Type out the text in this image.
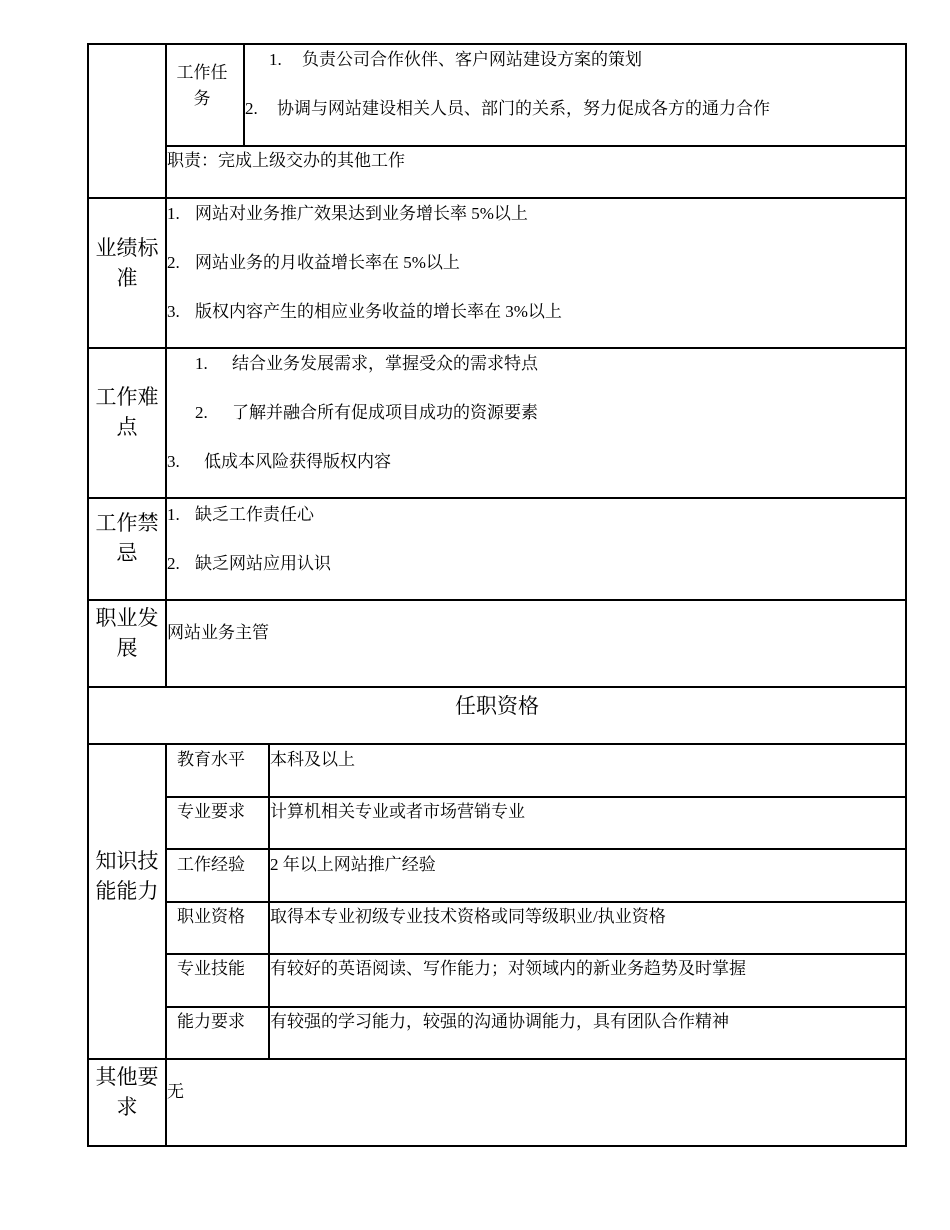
工作任务
1. 负责公司合作伙伴、客户网站建设方案的策划
2. 协调与网站建设相关人员、部门的关系，努力促成各方的通力合作
职责：完成上级交办的其他工作
业绩标准
1. 网站对业务推广效果达到业务增长率 5%以上
2. 网站业务的月收益增长率在 5%以上
3. 版权内容产生的相应业务收益的增长率在 3%以上
工作难点
1. 结合业务发展需求，掌握受众的需求特点
2. 了解并融合所有促成项目成功的资源要素
3. 低成本风险获得版权内容
工作禁忌
1. 缺乏工作责任心
2. 缺乏网站应用认识
职业发展
网站业务主管
任职资格
知识技能能力
教育水平 本科及以上
专业要求 计算机相关专业或者市场营销专业
工作经验 2 年以上网站推广经验
职业资格 取得本专业初级专业技术资格或同等级职业/执业资格
专业技能 有较好的英语阅读、写作能力；对领域内的新业务趋势及时掌握
能力要求 有较强的学习能力，较强的沟通协调能力，具有团队合作精神
其他要求
无
